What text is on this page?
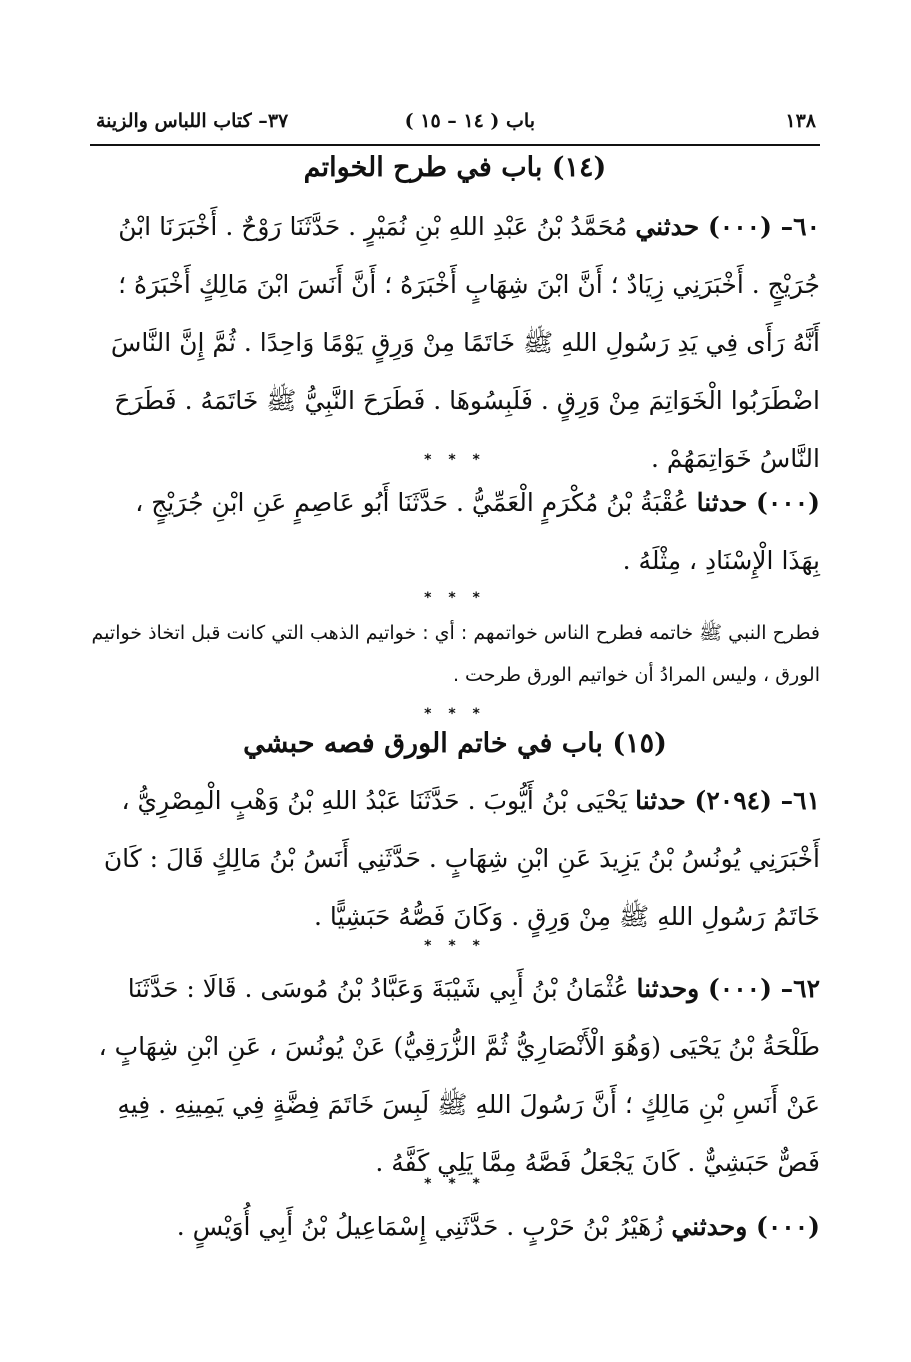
١٣٨
باب ( ١٤ – ١٥ )
٣٧– كتاب اللباس والزينة
(١٤) باب في طرح الخواتم
٦٠– (٠٠٠) حدثني مُحَمَّدُ بْنُ عَبْدِ اللهِ بْنِ نُمَيْرٍ . حَدَّثَنَا رَوْحٌ . أَخْبَرَنَا ابْنُ جُرَيْجٍ . أَخْبَرَنِي زِيَادٌ ؛ أَنَّ ابْنَ شِهَابٍ أَخْبَرَهُ ؛ أَنَّ أَنَسَ ابْنَ مَالِكٍ أَخْبَرَهُ ؛ أَنَّهُ رَأَى فِي يَدِ رَسُولِ اللهِ ﷺ خَاتَمًا مِنْ وَرِقٍ يَوْمًا وَاحِدًا . ثُمَّ إِنَّ النَّاسَ اضْطَرَبُوا الْخَوَاتِمَ مِنْ وَرِقٍ . فَلَبِسُوهَا . فَطَرَحَ النَّبِيُّ ﷺ خَاتَمَهُ . فَطَرَحَ النَّاسُ خَوَاتِمَهُمْ .
* * *
(٠٠٠) حدثنا عُقْبَةُ بْنُ مُكْرَمٍ الْعَمِّيُّ . حَدَّثَنَا أَبُو عَاصِمٍ عَنِ ابْنِ جُرَيْجٍ ، بِهَذَا الْإِسْنَادِ ، مِثْلَهُ .
* * *
فطرح النبي ﷺ خاتمه فطرح الناس خواتمهم : أي : خواتيم الذهب التي كانت قبل اتخاذ خواتيم الورق ، وليس المرادُ أن خواتيم الورق طرحت .
* * *
(١٥) باب في خاتم الورق فصه حبشي
٦١– (٢٠٩٤) حدثنا يَحْيَى بْنُ أَيُّوبَ . حَدَّثَنَا عَبْدُ اللهِ بْنُ وَهْبٍ الْمِصْرِيُّ ، أَخْبَرَنِي يُونُسُ بْنُ يَزِيدَ عَنِ ابْنِ شِهَابٍ . حَدَّثَنِي أَنَسُ بْنُ مَالِكٍ قَالَ : كَانَ خَاتَمُ رَسُولِ اللهِ ﷺ مِنْ وَرِقٍ . وَكَانَ فَصُّهُ حَبَشِيًّا .
* * *
٦٢– (٠٠٠) وحدثنا عُثْمَانُ بْنُ أَبِي شَيْبَةَ وَعَبَّادُ بْنُ مُوسَى . قَالَا : حَدَّثَنَا طَلْحَةُ بْنُ يَحْيَى (وَهُوَ الْأَنْصَارِيُّ ثُمَّ الزُّرَقِيُّ) عَنْ يُونُسَ ، عَنِ ابْنِ شِهَابٍ ، عَنْ أَنَسِ بْنِ مَالِكٍ ؛ أَنَّ رَسُولَ اللهِ ﷺ لَبِسَ خَاتَمَ فِضَّةٍ فِي يَمِينِهِ . فِيهِ فَصٌّ حَبَشِيٌّ . كَانَ يَجْعَلُ فَصَّهُ مِمَّا يَلِي كَفَّهُ .
* * *
(٠٠٠) وحدثني زُهَيْرُ بْنُ حَرْبٍ . حَدَّثَنِي إِسْمَاعِيلُ بْنُ أَبِي أُوَيْسٍ .
